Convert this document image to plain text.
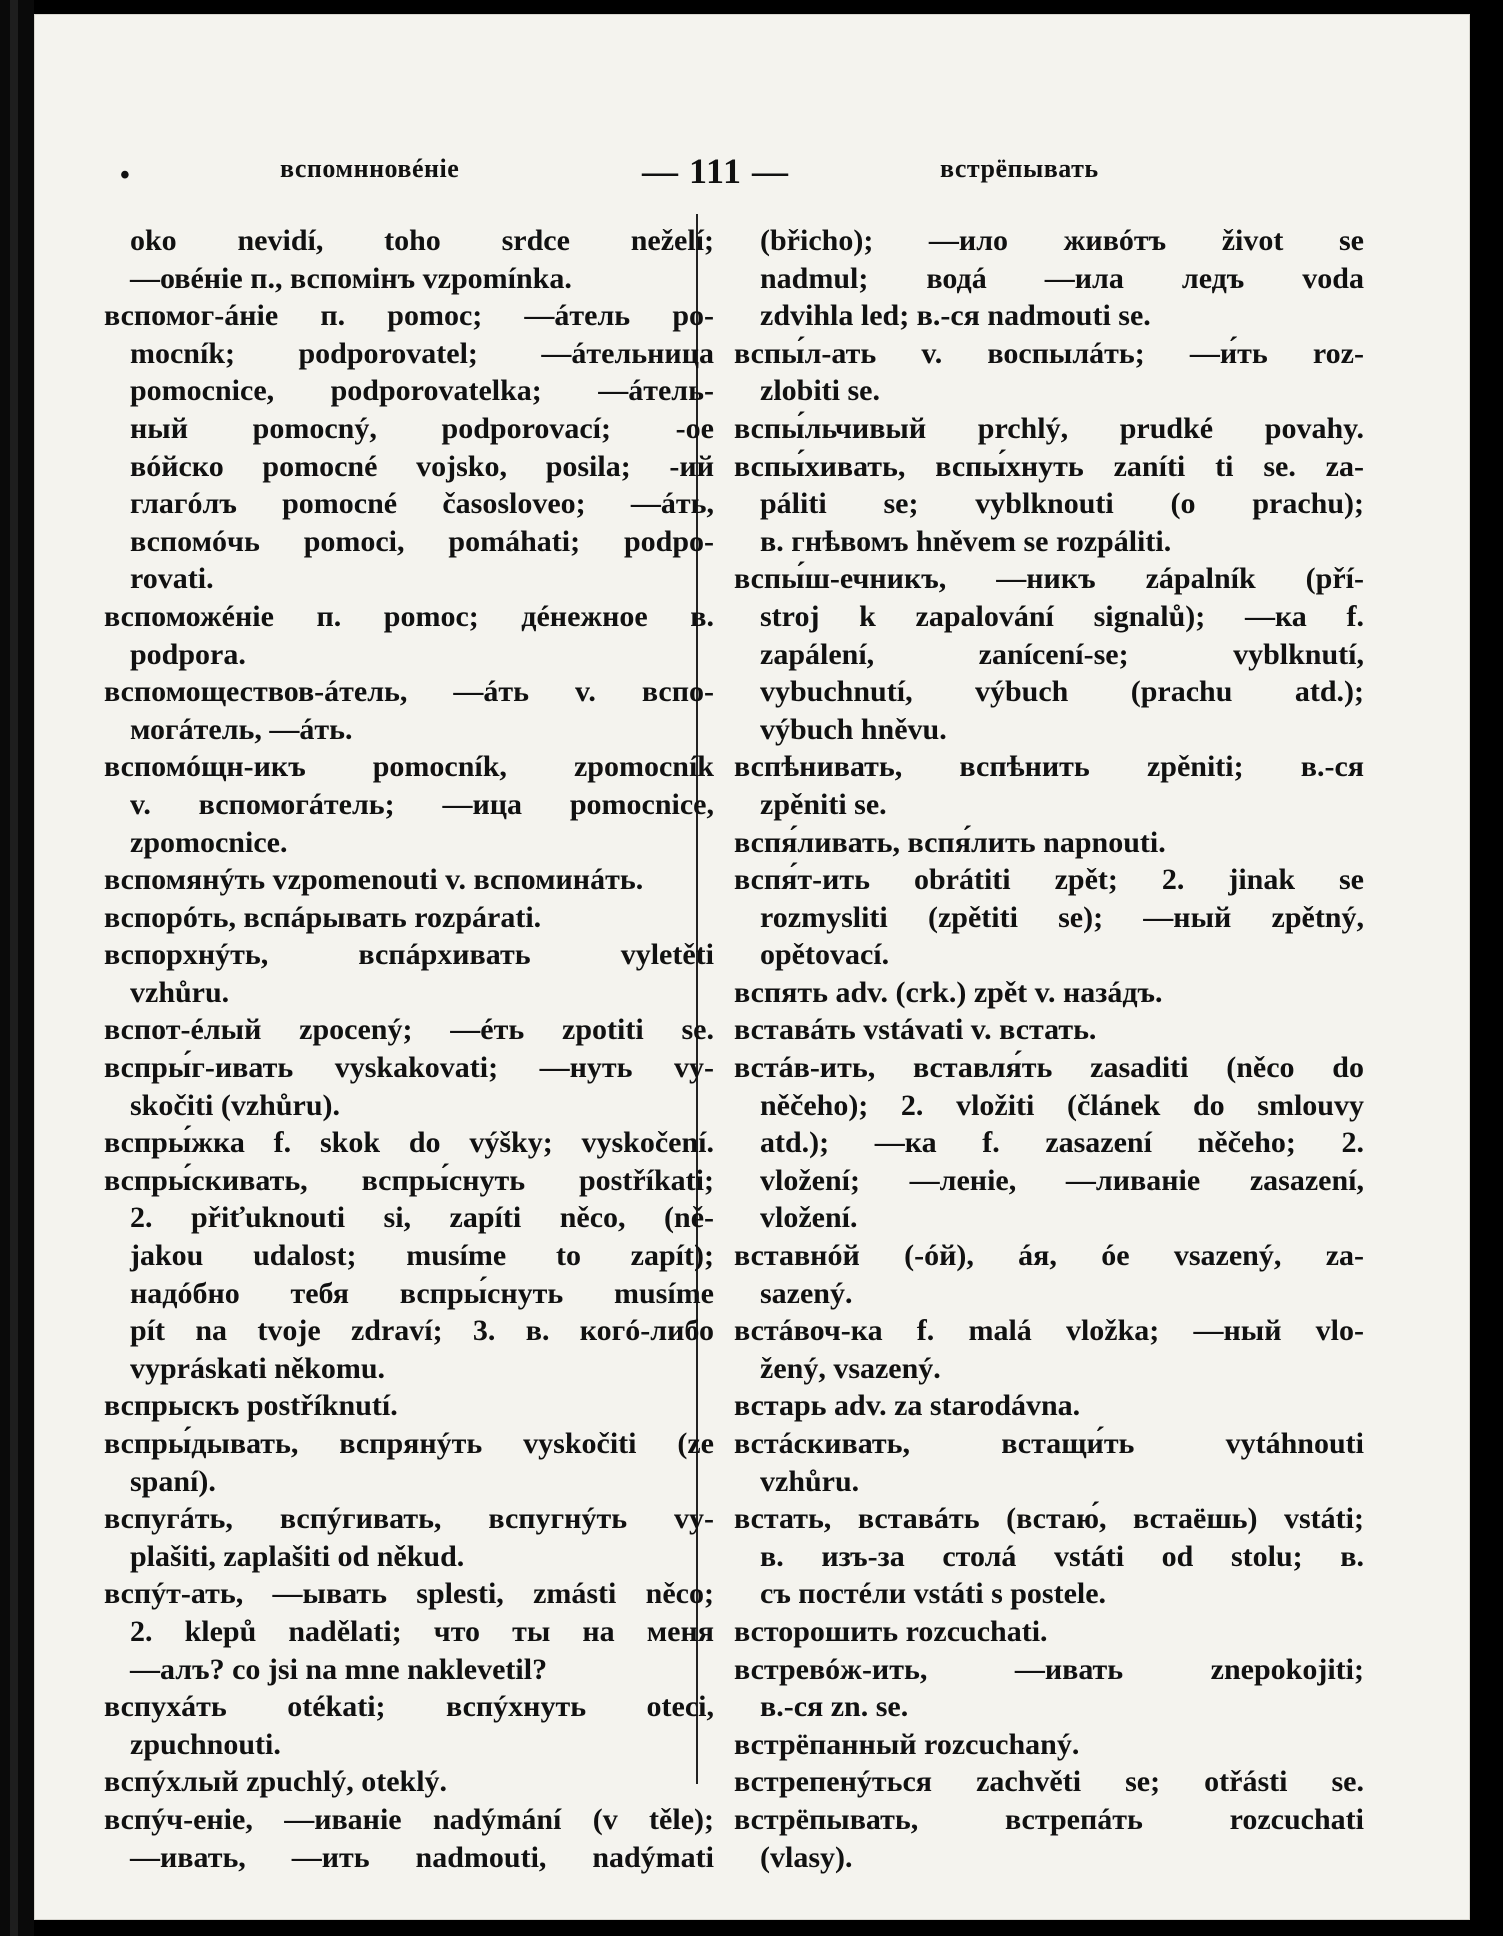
•	вспомнновéніе	— 111 —	встрёпывать
oko nevidí, toho srdce neželí;
—овéніе п., вспомінъ vzpomínka.
вспомог-áніе п. pomoc; —áтель po-
mocník; podporovatel; —áтельница
pomocnice, podporovatelka; —áтель-
ный pomocný, podporovací; -ое
вóйско pomocné vojsko, posila; -ий
глагóлъ pomocné časosloveо; —áть,
вспомóчь pomoci, pomáhati; podpo-
rovati.
вспоможéніе п. pomoc; дéнежное в.
podpora.
вспомоществов-áтель, —áть v. вспо-
могáтель, —áть.
вспомóщн-икъ pomocník, zpomocník
v. вспомогáтель; —ица pomocnice,
zpomocnice.
вспомянýть vzpomenouti v. вспоминáть.
вспорóть, вспáрывать rozpárati.
вспорхнýть, вспáрхивать vyletěti
vzhůru.
вспот-éлый zpocený; —éть zpotiti se.
вспры́г-ивать vyskakovati; —нуть vy-
skočiti (vzhůru).
вспры́жка f. skok do výšky; vyskočení.
вспры́скивать, вспры́снуть postříkati;
2. přiťuknouti si, zapíti něco, (ně-
jakou udalost; musíme to zapít);
надóбно тебя вспры́снуть musíme
pít na tvoje zdraví; 3. в. когó-либо
vypráskati někomu.
вспрыскъ postříknutí.
вспры́дывать, вспрянýть vyskočiti (ze
spaní).
вспугáть, вспýгивать, вспугнýть vy-
plašiti, zaplašiti od někud.
вспýт-ать, —ывать splesti, zmásti něco;
2. klepů nadělati; что ты на меня
—алъ? co jsi na mne naklevetil?
вспухáть otékati; вспýхнуть oteci,
zpuchnouti.
вспýхлый zpuchlý, oteklý.
вспýч-еніе, —иваніе nadýmání (v těle);
—ивать, —ить nadmouti, nadýmati
(břicho); —ило живóтъ život se
nadmul; водá —ила ледъ voda
zdvihla led; в.-ся nadmouti se.
вспы́л-ать v. воспылáть; —и́ть roz-
zlobiti se.
вспы́льчивый prchlý, prudké povahy.
вспы́хивать, вспы́хнуть zaníti ti se. za-
páliti se; vyblknouti (o prachu);
в. гнѣвомъ hněvem se rozpáliti.
вспы́ш-ечникъ, —никъ zápalník (pří-
stroj k zapalování signalů); —ка f.
zapálení, zanícení-se; vyblknutí,
vybuchnutí, výbuch (prachu atd.);
výbuch hněvu.
вспѣнивать, вспѣнить zpěniti; в.-ся
zpěniti se.
вспя́ливать, вспя́лить napnouti.
вспя́т-ить obrátiti zpět; 2. jinak se
rozmysliti (zpětiti se); —ный zpětný,
opětovací.
вспять adv. (crk.) zpět v. назáдъ.
вставáть vstávati v. встать.
встáв-ить, вставля́ть zasaditi (něco do
něčeho); 2. vložiti (článek do smlouvy
atd.); —ка f. zasazení něčeho; 2.
vložení; —леніе, —ливаніе zasazení,
vložení.
вставнóй (-óй), áя, óе vsazený, za-
sazený.
встáвоч-ка f. malá vložka; —ный vlo-
žený, vsazený.
встарь adv. za starodávna.
встáскивать, встащи́ть vytáhnouti
vzhůru.
встать, вставáть (встаю́, встаёшь) vstáti;
в. изъ-за столá vstáti od stolu; в.
съ постéли vstáti s postele.
всторошить rozcuchati.
встревóж-ить, —ивать znepokojiti;
в.-ся zn. se.
встрёпанный rozcuchaný.
встрепенýться zachvěti se; otřásti se.
встрёпывать, встрепáть rozcuchati
(vlasy).
